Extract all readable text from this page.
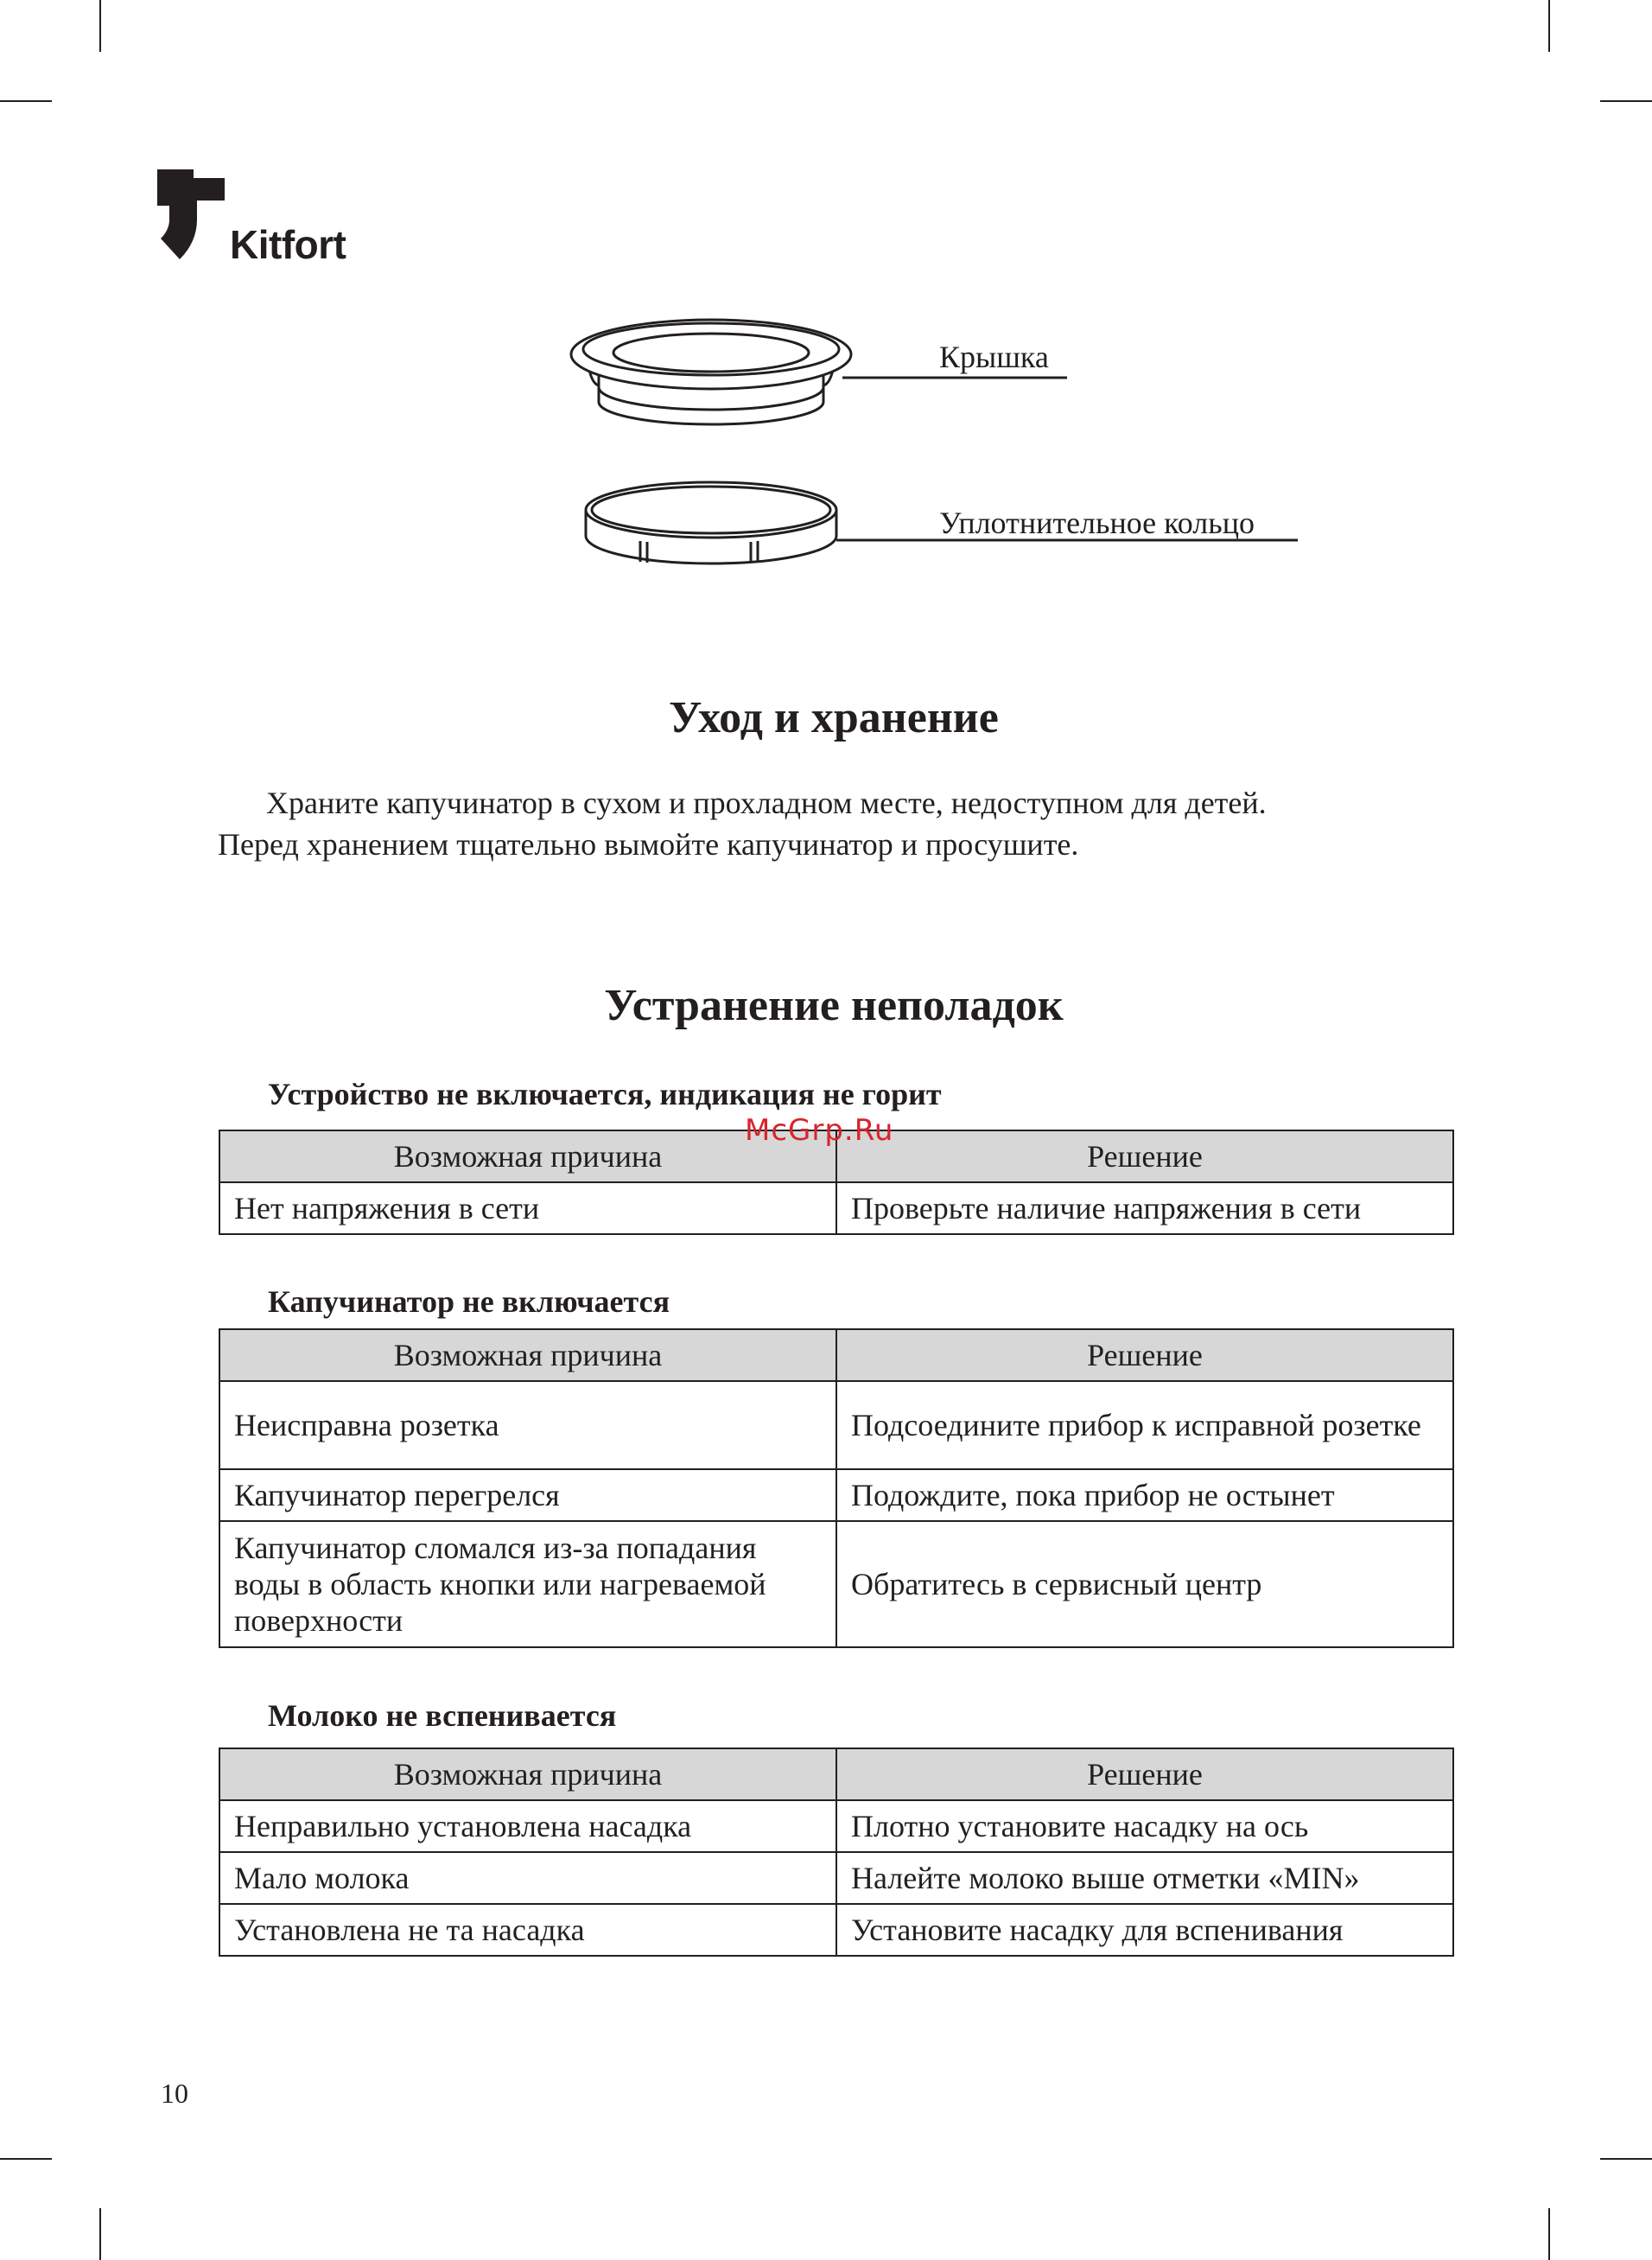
Kitfort
Крышка
Уплотнительное кольцо
Уход и хранение
Храните капучинатор в сухом и прохладном месте, недоступном для детей.
Перед хранением тщательно вымойте капучинатор и просушите.
Устранение неполадок
Устройство не включается, индикация не горит
Возможная причина	Решение
Нет напряжения в сети	Проверьте наличие напряжения в сети
Капучинатор не включается
Возможная причина	Решение
Неисправна розетка	Подсоедините прибор к исправной розетке
Капучинатор перегрелся	Подождите, пока прибор не остынет
Капучинатор сломался из-за попадания воды в область кнопки или нагреваемой поверхности	Обратитесь в сервисный центр
Молоко не вспенивается
Возможная причина	Решение
Неправильно установлена насадка	Плотно установите насадку на ось
Мало молока	Налейте молоко выше отметки «MIN»
Установлена не та насадка	Установите насадку для вспенивания
McGrp.Ru
10
